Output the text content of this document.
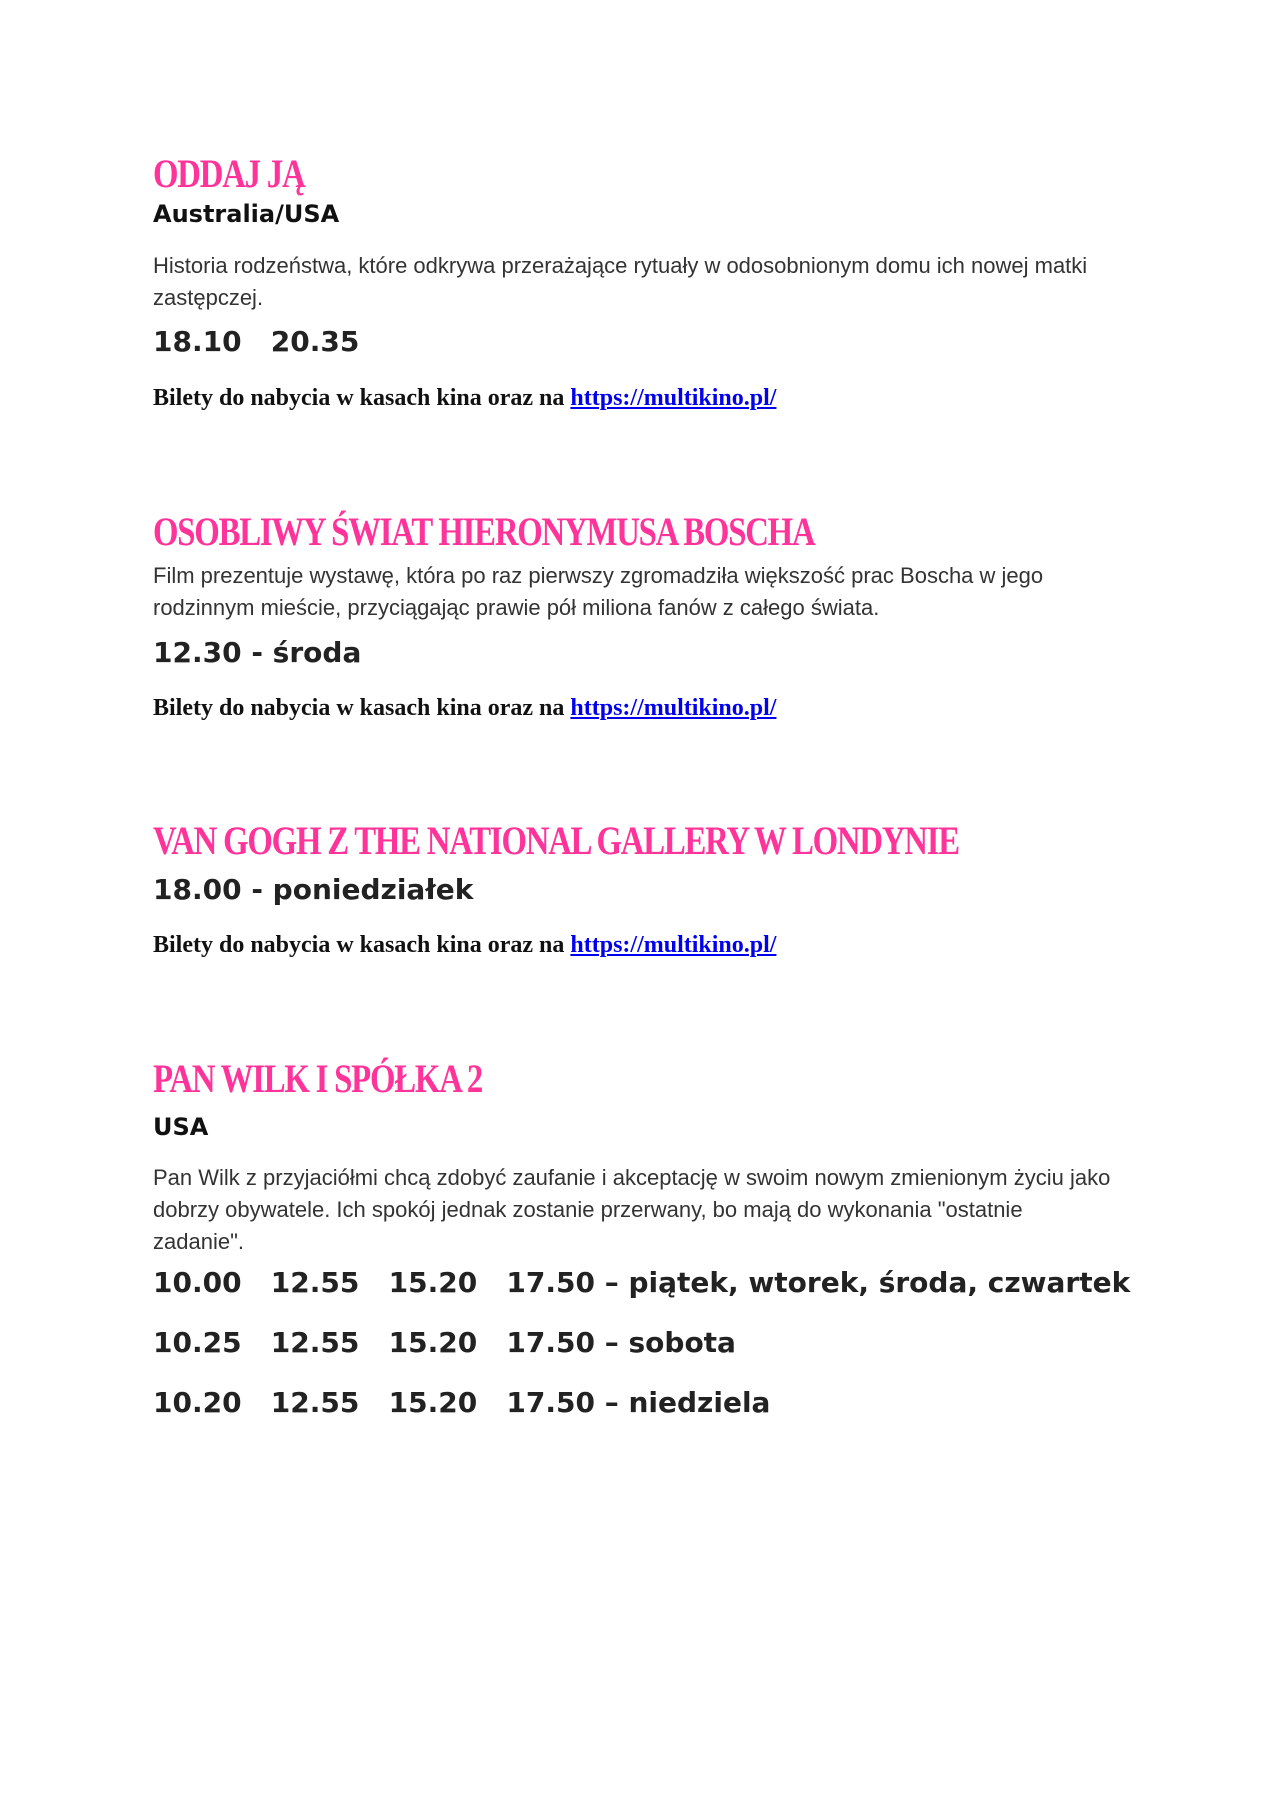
ODDAJ JĄ

Australia/USA

Historia rodzeństwa, które odkrywa przerażające rytuały w odosobnionym domu ich nowej matki zastępczej.

18.10   20.35

Bilety do nabycia w kasach kina oraz na https://multikino.pl/

OSOBLIWY ŚWIAT HIERONYMUSA BOSCHA

Film prezentuje wystawę, która po raz pierwszy zgromadziła większość prac Boscha w jego rodzinnym mieście, przyciągając prawie pół miliona fanów z całego świata.

12.30 - środa

Bilety do nabycia w kasach kina oraz na https://multikino.pl/

VAN GOGH Z THE NATIONAL GALLERY W LONDYNIE

18.00 - poniedziałek

Bilety do nabycia w kasach kina oraz na https://multikino.pl/

PAN WILK I SPÓŁKA 2

USA

Pan Wilk z przyjaciółmi chcą zdobyć zaufanie i akceptację w swoim nowym zmienionym życiu jako dobrzy obywatele. Ich spokój jednak zostanie przerwany, bo mają do wykonania "ostatnie zadanie".

10.00   12.55   15.20   17.50 – piątek, wtorek, środa, czwartek

10.25   12.55   15.20   17.50 – sobota

10.20   12.55   15.20   17.50 – niedziela
